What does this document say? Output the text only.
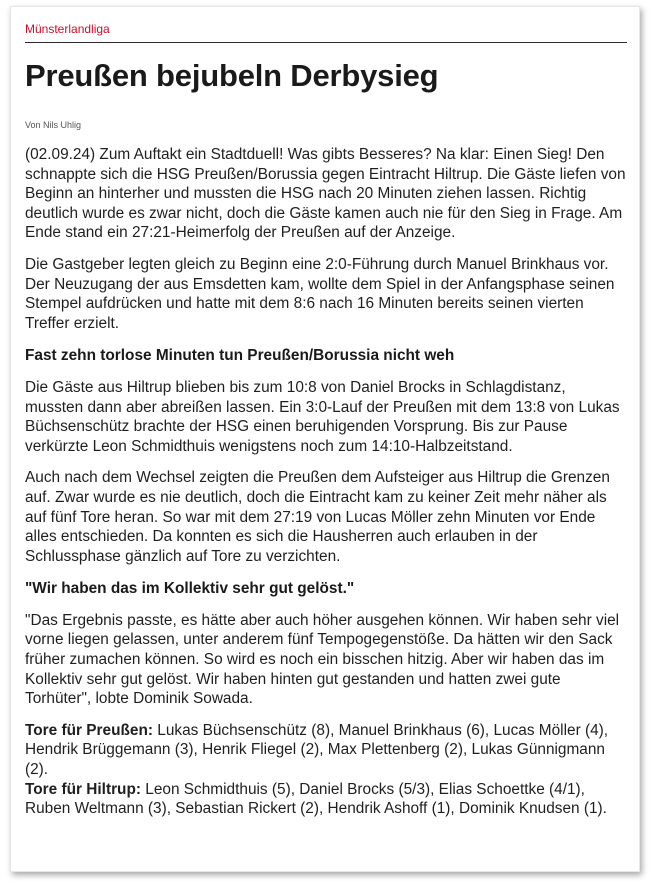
Münsterlandliga
Preußen bejubeln Derbysieg
Von Nils Uhlig

(02.09.24) Zum Auftakt ein Stadtduell! Was gibts Besseres? Na klar: Einen Sieg! Den schnappte sich die HSG Preußen/Borussia gegen Eintracht Hiltrup. Die Gäste liefen von Beginn an hinterher und mussten die HSG nach 20 Minuten ziehen lassen. Richtig deutlich wurde es zwar nicht, doch die Gäste kamen auch nie für den Sieg in Frage. Am Ende stand ein 27:21-Heimerfolg der Preußen auf der Anzeige.

Die Gastgeber legten gleich zu Beginn eine 2:0-Führung durch Manuel Brinkhaus vor. Der Neuzugang der aus Emsdetten kam, wollte dem Spiel in der Anfangsphase seinen Stempel aufdrücken und hatte mit dem 8:6 nach 16 Minuten bereits seinen vierten Treffer erzielt.

Fast zehn torlose Minuten tun Preußen/Borussia nicht weh

Die Gäste aus Hiltrup blieben bis zum 10:8 von Daniel Brocks in Schlagdistanz, mussten dann aber abreißen lassen. Ein 3:0-Lauf der Preußen mit dem 13:8 von Lukas Büchsenschütz brachte der HSG einen beruhigenden Vorsprung. Bis zur Pause verkürzte Leon Schmidthuis wenigstens noch zum 14:10-Halbzeitstand.

Auch nach dem Wechsel zeigten die Preußen dem Aufsteiger aus Hiltrup die Grenzen auf. Zwar wurde es nie deutlich, doch die Eintracht kam zu keiner Zeit mehr näher als auf fünf Tore heran. So war mit dem 27:19 von Lucas Möller zehn Minuten vor Ende alles entschieden. Da konnten es sich die Hausherren auch erlauben in der Schlussphase gänzlich auf Tore zu verzichten.

"Wir haben das im Kollektiv sehr gut gelöst."

"Das Ergebnis passte, es hätte aber auch höher ausgehen können. Wir haben sehr viel vorne liegen gelassen, unter anderem fünf Tempogegenstöße. Da hätten wir den Sack früher zumachen können. So wird es noch ein bisschen hitzig. Aber wir haben das im Kollektiv sehr gut gelöst. Wir haben hinten gut gestanden und hatten zwei gute Torhüter", lobte Dominik Sowada.

Tore für Preußen: Lukas Büchsenschütz (8), Manuel Brinkhaus (6), Lucas Möller (4), Hendrik Brüggemann (3), Henrik Fliegel (2), Max Plettenberg (2), Lukas Günnigmann (2).

Tore für Hiltrup: Leon Schmidthuis (5), Daniel Brocks (5/3), Elias Schoettke (4/1), Ruben Weltmann (3), Sebastian Rickert (2), Hendrik Ashoff (1), Dominik Knudsen (1).
